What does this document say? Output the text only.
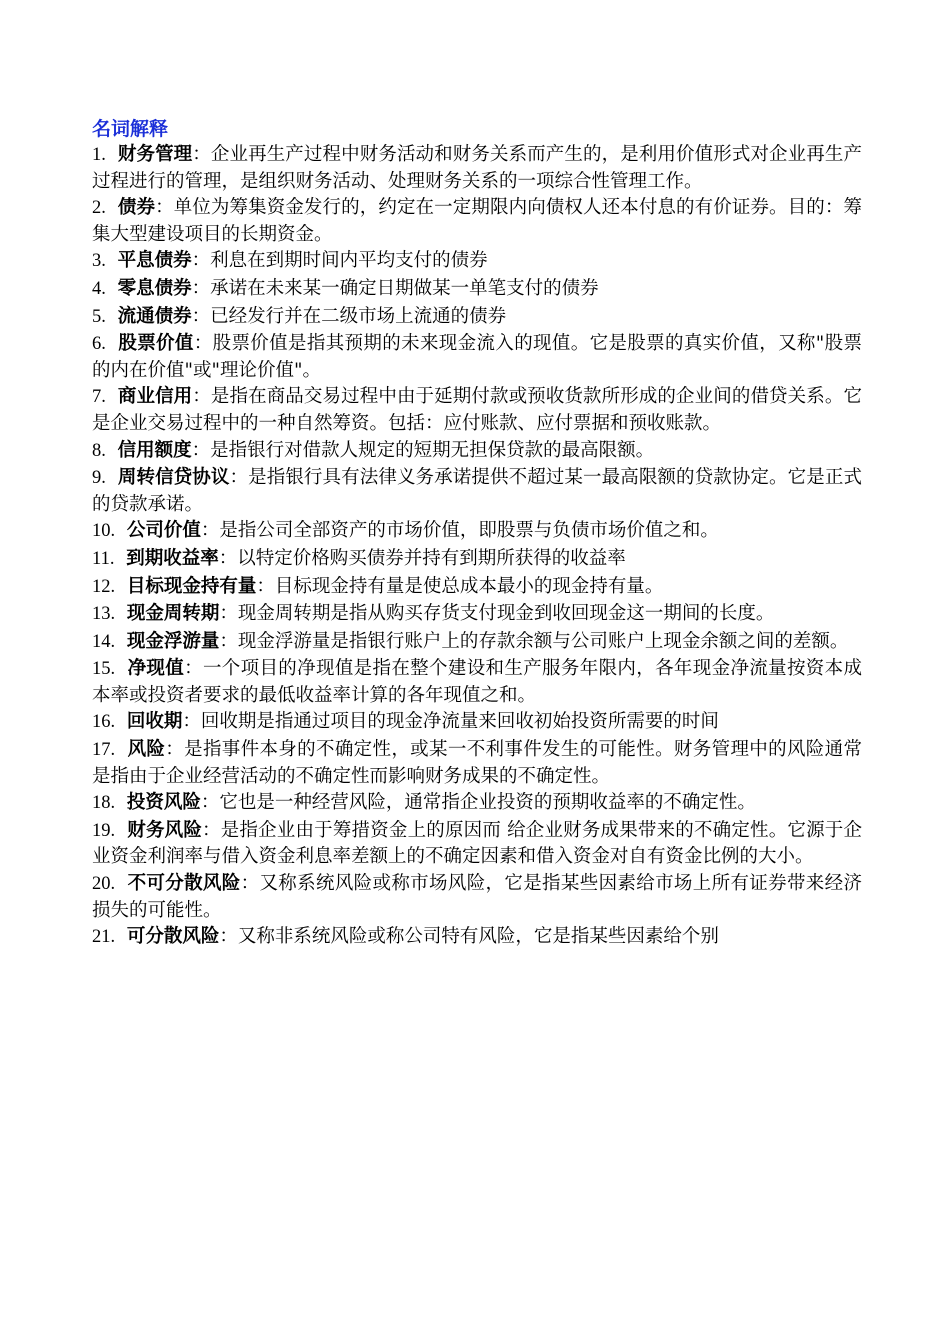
名词解释
1. 财务管理：企业再生产过程中财务活动和财务关系而产生的，是利用价值形式对企业再生产过程进行的管理，是组织财务活动、处理财务关系的一项综合性管理工作。
2. 债券：单位为筹集资金发行的，约定在一定期限内向债权人还本付息的有价证券。目的：筹集大型建设项目的长期资金。
3. 平息债券：利息在到期时间内平均支付的债券
4. 零息债券：承诺在未来某一确定日期做某一单笔支付的债券
5. 流通债券：已经发行并在二级市场上流通的债券
6. 股票价值：股票价值是指其预期的未来现金流入的现值。它是股票的真实价值，又称"股票的内在价值"或"理论价值"。
7. 商业信用：是指在商品交易过程中由于延期付款或预收货款所形成的企业间的借贷关系。它是企业交易过程中的一种自然筹资。包括：应付账款、应付票据和预收账款。
8. 信用额度：是指银行对借款人规定的短期无担保贷款的最高限额。
9. 周转信贷协议：是指银行具有法律义务承诺提供不超过某一最高限额的贷款协定。它是正式的贷款承诺。
10. 公司价值：是指公司全部资产的市场价值，即股票与负债市场价值之和。
11. 到期收益率：以特定价格购买债券并持有到期所获得的收益率
12. 目标现金持有量：目标现金持有量是使总成本最小的现金持有量。
13. 现金周转期：现金周转期是指从购买存货支付现金到收回现金这一期间的长度。
14. 现金浮游量：现金浮游量是指银行账户上的存款余额与公司账户上现金余额之间的差额。
15. 净现值：一个项目的净现值是指在整个建设和生产服务年限内，各年现金净流量按资本成本率或投资者要求的最低收益率计算的各年现值之和。
16. 回收期：回收期是指通过项目的现金净流量来回收初始投资所需要的时间
17. 风险：是指事件本身的不确定性，或某一不利事件发生的可能性。财务管理中的风险通常是指由于企业经营活动的不确定性而影响财务成果的不确定性。
18. 投资风险：它也是一种经营风险，通常指企业投资的预期收益率的不确定性。
19. 财务风险：是指企业由于筹措资金上的原因而 给企业财务成果带来的不确定性。它源于企业资金利润率与借入资金利息率差额上的不确定因素和借入资金对自有资金比例的大小。
20. 不可分散风险：又称系统风险或称市场风险，它是指某些因素给市场上所有证券带来经济损失的可能性。
21. 可分散风险：又称非系统风险或称公司特有风险，它是指某些因素给个别
